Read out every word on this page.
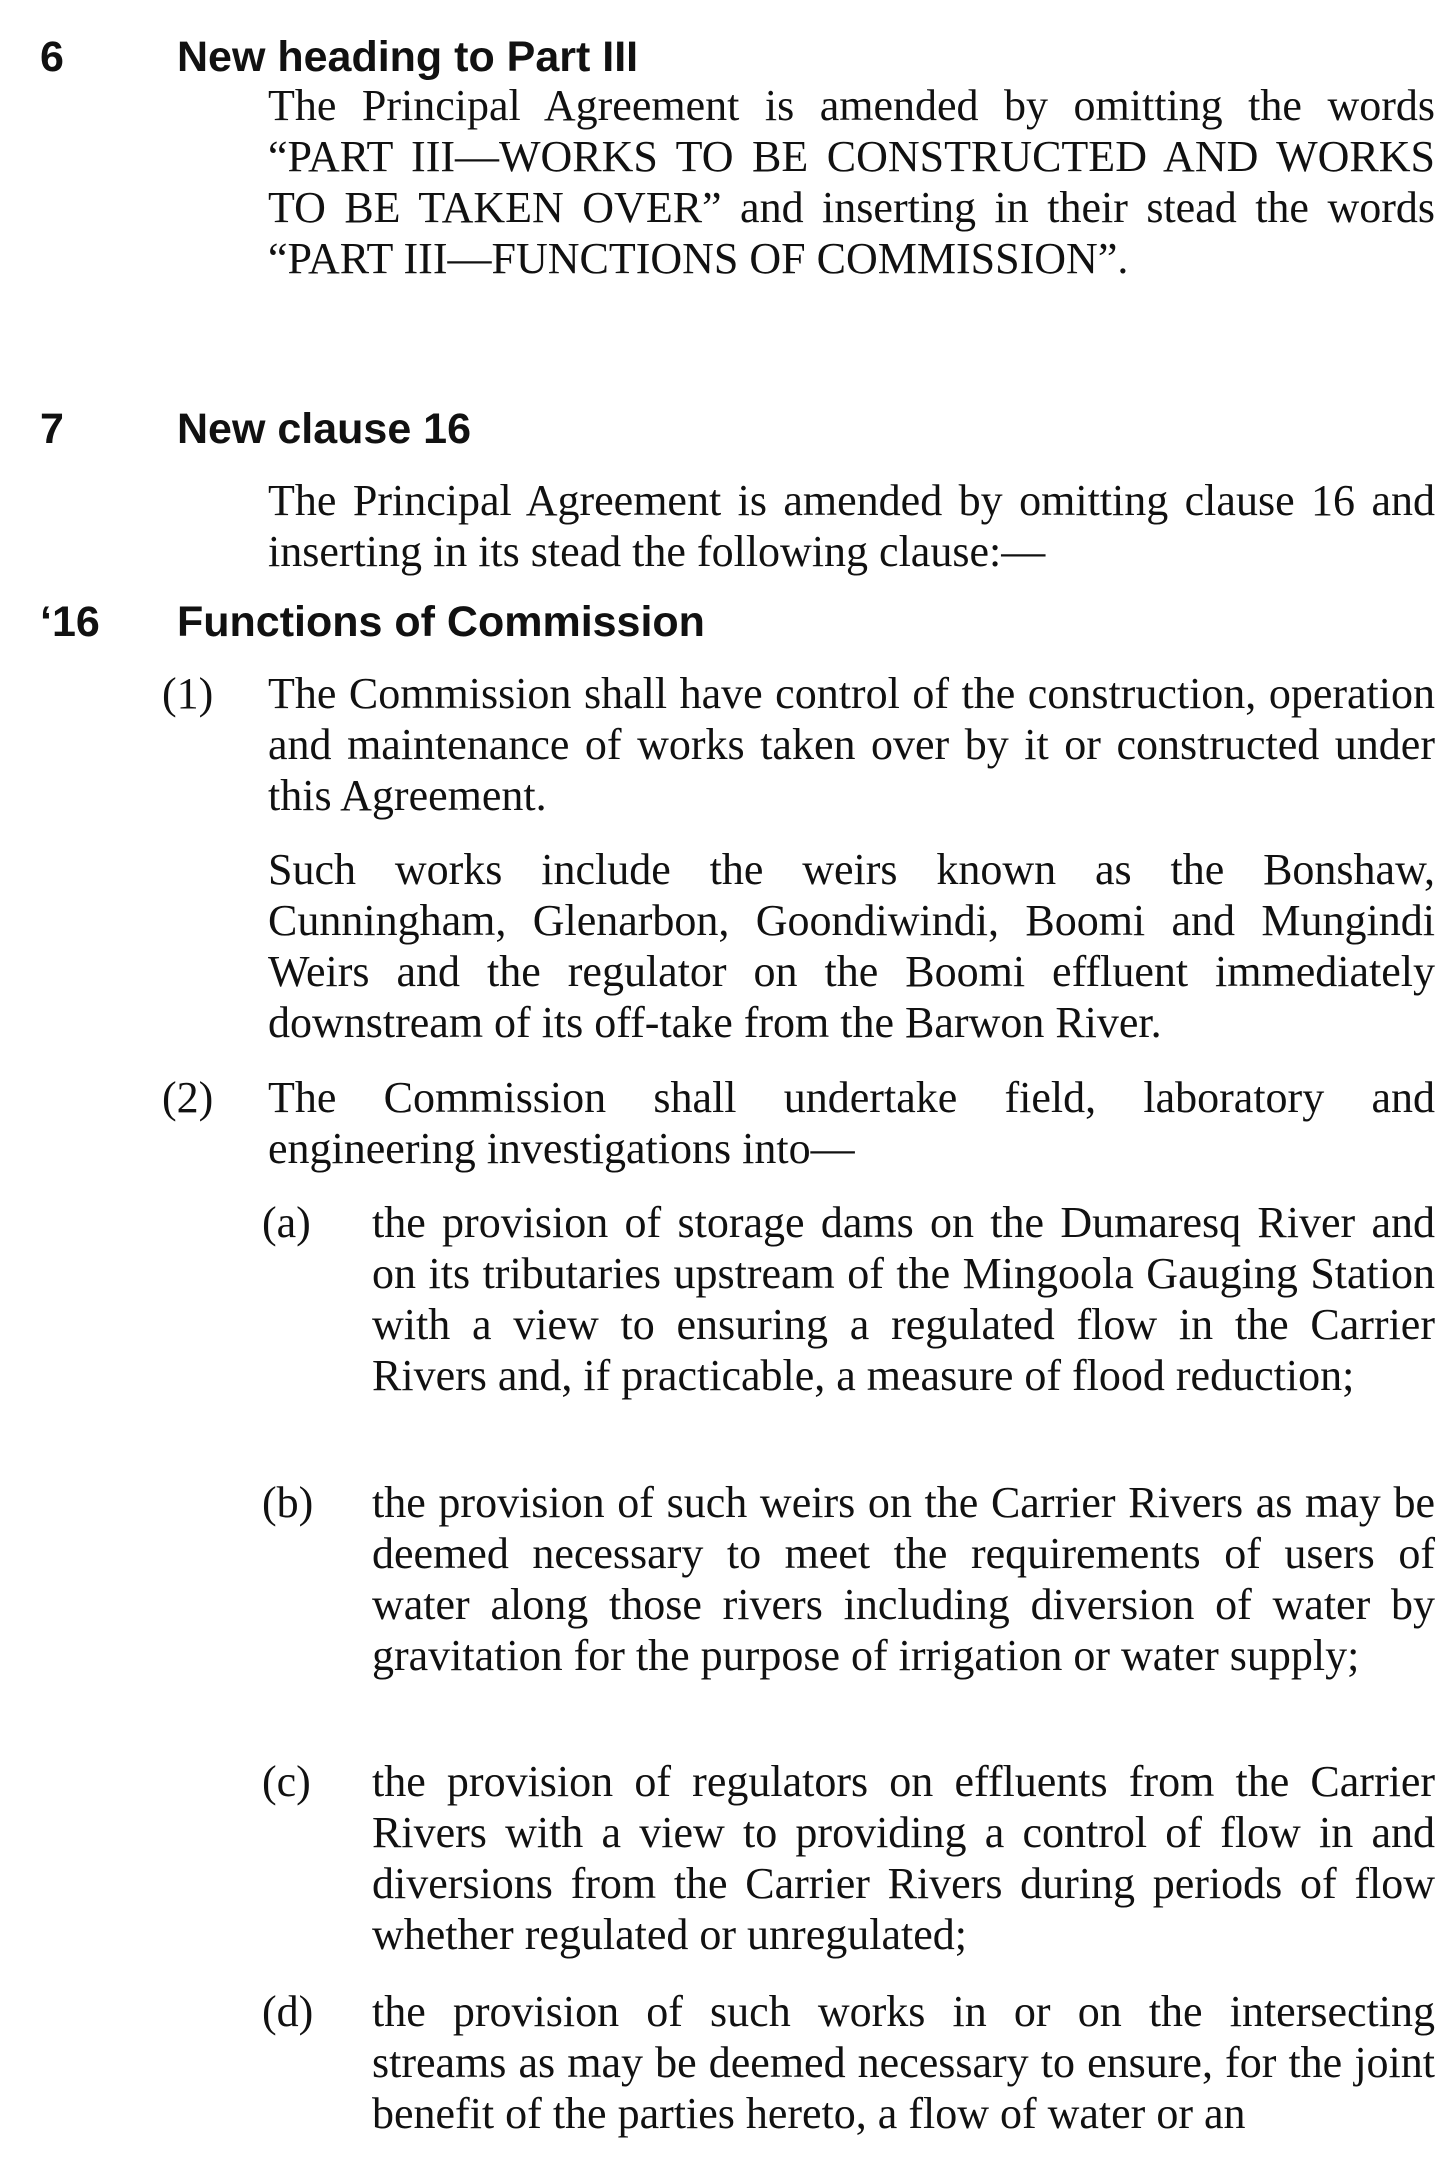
6	New heading to Part III

The Principal Agreement is amended by omitting the words “PART III—WORKS TO BE CONSTRUCTED AND WORKS TO BE TAKEN OVER” and inserting in their stead the words “PART III—FUNCTIONS OF COMMISSION”.

7	New clause 16

The Principal Agreement is amended by omitting clause 16 and inserting in its stead the following clause:—

‘16 Functions of Commission
(1) The Commission shall have control of the construction, operation and maintenance of works taken over by it or constructed under this Agreement.

Such works include the weirs known as the Bonshaw, Cunningham, Glenarbon, Goondiwindi, Boomi and Mungindi Weirs and the regulator on the Boomi effluent immediately downstream of its off-take from the Barwon River.

(2) The Commission shall undertake field, laboratory and engineering investigations into—

(a) the provision of storage dams on the Dumaresq River and on its tributaries upstream of the Mingoola Gauging Station with a view to ensuring a regulated flow in the Carrier Rivers and, if practicable, a measure of flood reduction;

(b) the provision of such weirs on the Carrier Rivers as may be deemed necessary to meet the requirements of users of water along those rivers including diversion of water by gravitation for the purpose of irrigation or water supply;

(c) the provision of regulators on effluents from the Carrier Rivers with a view to providing a control of flow in and diversions from the Carrier Rivers during periods of flow whether regulated or unregulated;

(d) the provision of such works in or on the intersecting streams as may be deemed necessary to ensure, for the joint benefit of the parties hereto, a flow of water or an
